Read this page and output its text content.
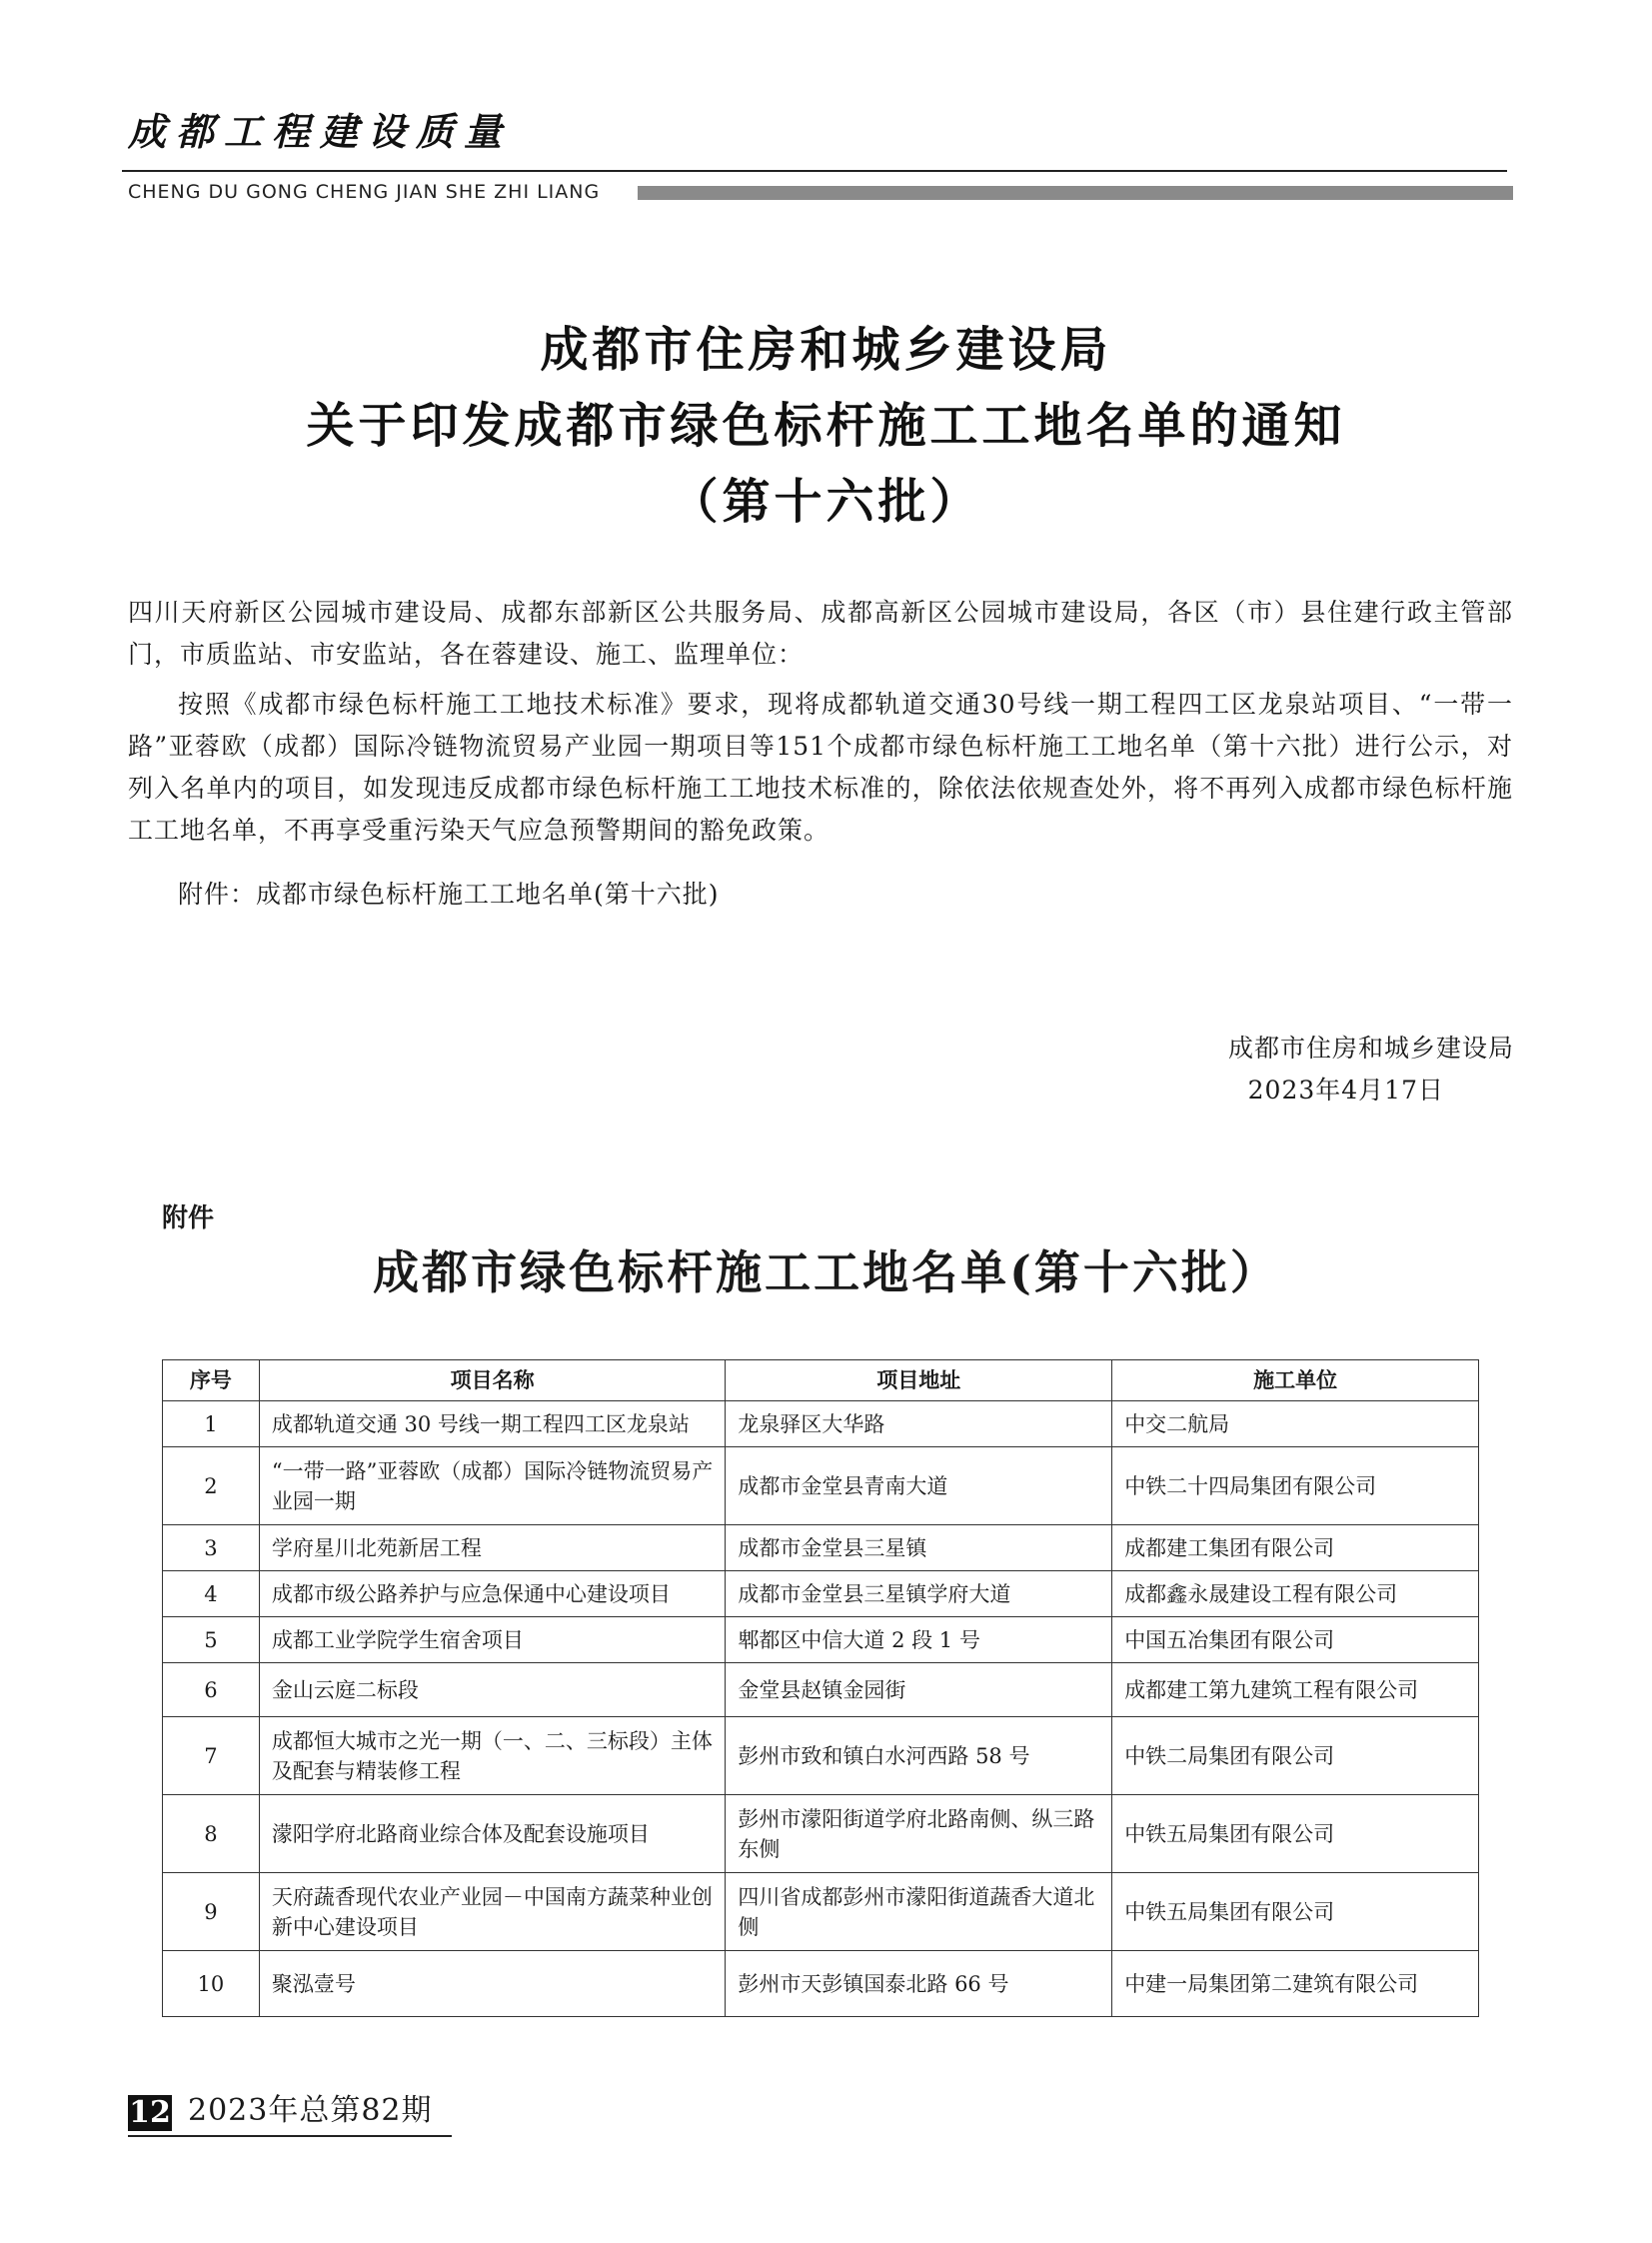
成都工程建设质量
CHENG DU GONG CHENG JIAN SHE ZHI LIANG
成都市住房和城乡建设局
关于印发成都市绿色标杆施工工地名单的通知
（第十六批）

四川天府新区公园城市建设局、成都东部新区公共服务局、成都高新区公园城市建设局，各区（市）县住建行政主管部门，市质监站、市安监站，各在蓉建设、施工、监理单位：

按照《成都市绿色标杆施工工地技术标准》要求，现将成都轨道交通30号线一期工程四工区龙泉站项目、“一带一路”亚蓉欧（成都）国际冷链物流贸易产业园一期项目等151个成都市绿色标杆施工工地名单（第十六批）进行公示，对列入名单内的项目，如发现违反成都市绿色标杆施工工地技术标准的，除依法依规查处外，将不再列入成都市绿色标杆施工工地名单，不再享受重污染天气应急预警期间的豁免政策。

附件：成都市绿色标杆施工工地名单(第十六批)

成都市住房和城乡建设局
2023年4月17日
附件
成都市绿色标杆施工工地名单(第十六批）
序号	项目名称	项目地址	施工单位
1	成都轨道交通 30 号线一期工程四工区龙泉站	龙泉驿区大华路	中交二航局
2	“一带一路”亚蓉欧（成都）国际冷链物流贸易产业园一期	成都市金堂县青南大道	中铁二十四局集团有限公司
3	学府星川北苑新居工程	成都市金堂县三星镇	成都建工集团有限公司
4	成都市级公路养护与应急保通中心建设项目	成都市金堂县三星镇学府大道	成都鑫永晟建设工程有限公司
5	成都工业学院学生宿舍项目	郫都区中信大道 2 段 1 号	中国五冶集团有限公司
6	金山云庭二标段	金堂县赵镇金园街	成都建工第九建筑工程有限公司
7	成都恒大城市之光一期（一、二、三标段）主体及配套与精装修工程	彭州市致和镇白水河西路 58 号	中铁二局集团有限公司
8	濛阳学府北路商业综合体及配套设施项目	彭州市濛阳街道学府北路南侧、纵三路东侧	中铁五局集团有限公司
9	天府蔬香现代农业产业园－中国南方蔬菜种业创新中心建设项目	四川省成都彭州市濛阳街道蔬香大道北侧	中铁五局集团有限公司
10	聚泓壹号	彭州市天彭镇国泰北路 66 号	中建一局集团第二建筑有限公司
12 2023年总第82期
